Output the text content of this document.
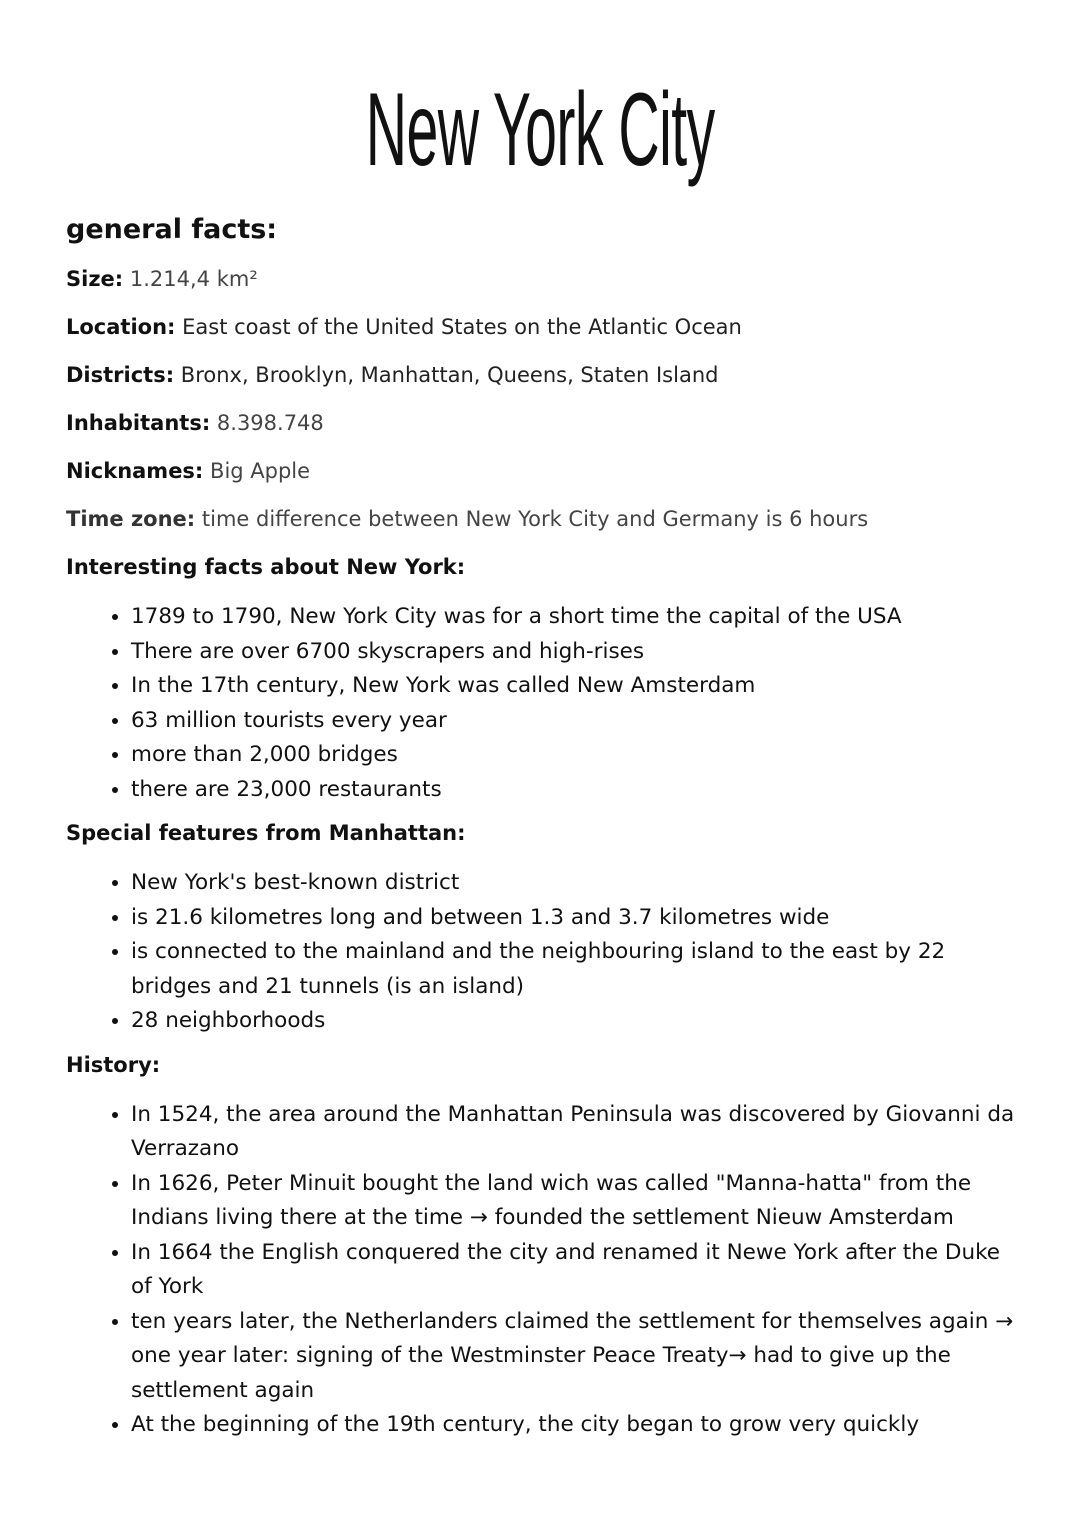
New York City
general facts:

Size: 1.214,4 km²

Location: East coast of the United States on the Atlantic Ocean

Districts: Bronx, Brooklyn, Manhattan, Queens, Staten Island

Inhabitants: 8.398.748

Nicknames: Big Apple

Time zone: time difference between New York City and Germany is 6 hours

Interesting facts about New York:
• 1789 to 1790, New York City was for a short time the capital of the USA
• There are over 6700 skyscrapers and high-rises
• In the 17th century, New York was called New Amsterdam
• 63 million tourists every year
• more than 2,000 bridges
• there are 23,000 restaurants
Special features from Manhattan:
• New York's best-known district
• is 21.6 kilometres long and between 1.3 and 3.7 kilometres wide
• is connected to the mainland and the neighbouring island to the east by 22 bridges and 21 tunnels (is an island)
• 28 neighborhoods
History:
• In 1524, the area around the Manhattan Peninsula was discovered by Giovanni da Verrazano
• In 1626, Peter Minuit bought the land wich was called "Manna-hatta" from the Indians living there at the time → founded the settlement Nieuw Amsterdam
• In 1664 the English conquered the city and renamed it Newe York after the Duke of York
• ten years later, the Netherlanders claimed the settlement for themselves again → one year later: signing of the Westminster Peace Treaty→ had to give up the settlement again
• At the beginning of the 19th century, the city began to grow very quickly
